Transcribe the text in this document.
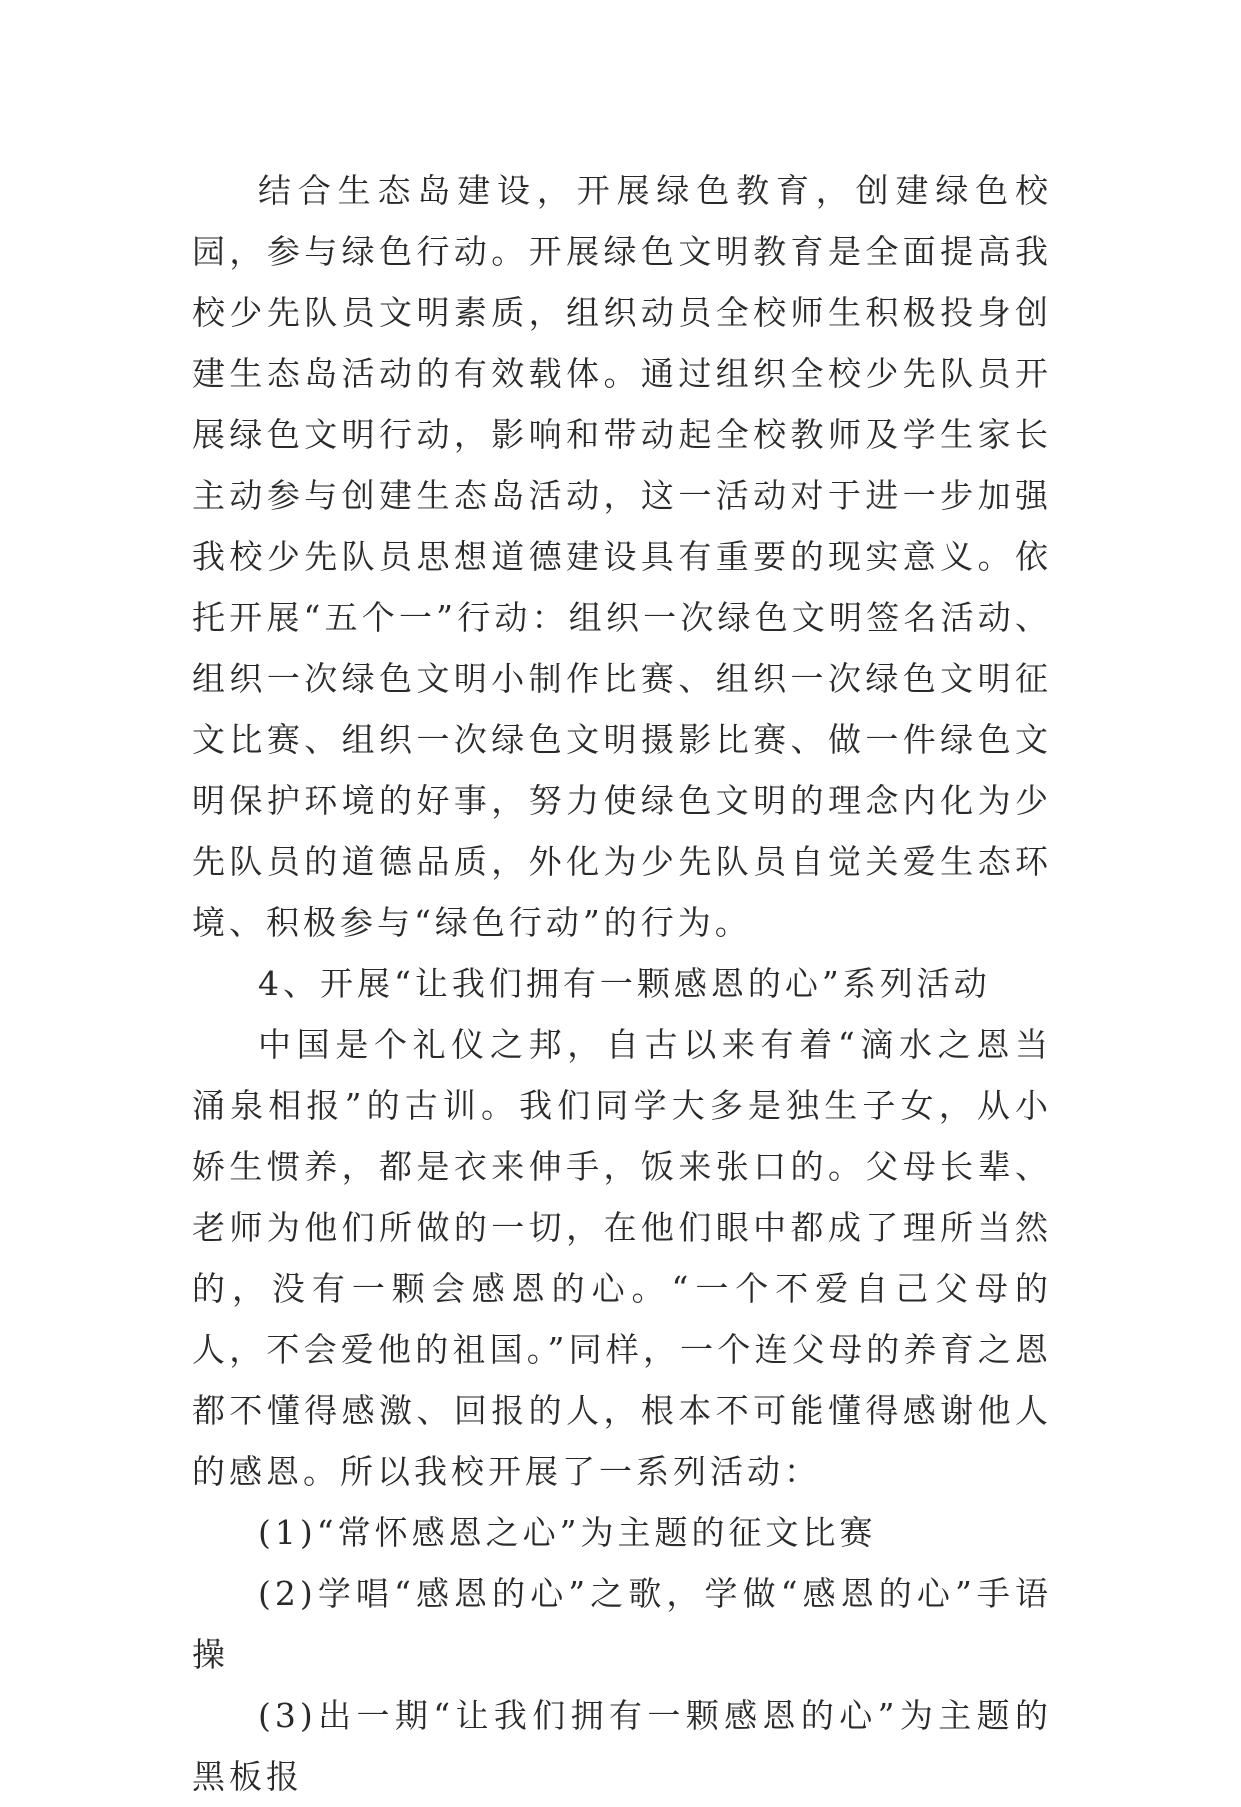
结合生态岛建设，开展绿色教育，创建绿色校园，参与绿色行动。开展绿色文明教育是全面提高我校少先队员文明素质，组织动员全校师生积极投身创建生态岛活动的有效载体。通过组织全校少先队员开展绿色文明行动，影响和带动起全校教师及学生家长主动参与创建生态岛活动，这一活动对于进一步加强我校少先队员思想道德建设具有重要的现实意义。依托开展“五个一”行动：组织一次绿色文明签名活动、组织一次绿色文明小制作比赛、组织一次绿色文明征文比赛、组织一次绿色文明摄影比赛、做一件绿色文明保护环境的好事，努力使绿色文明的理念内化为少先队员的道德品质，外化为少先队员自觉关爱生态环境、积极参与“绿色行动”的行为。

4、开展“让我们拥有一颗感恩的心”系列活动

中国是个礼仪之邦，自古以来有着“滴水之恩当涌泉相报”的古训。我们同学大多是独生子女，从小娇生惯养，都是衣来伸手，饭来张口的。父母长辈、老师为他们所做的一切，在他们眼中都成了理所当然的，没有一颗会感恩的心。“一个不爱自己父母的人，不会爱他的祖国。”同样，一个连父母的养育之恩都不懂得感激、回报的人，根本不可能懂得感谢他人的感恩。所以我校开展了一系列活动：

(1)“常怀感恩之心”为主题的征文比赛

(2)学唱“感恩的心”之歌，学做“感恩的心”手语操

(3)出一期“让我们拥有一颗感恩的心”为主题的黑板报
